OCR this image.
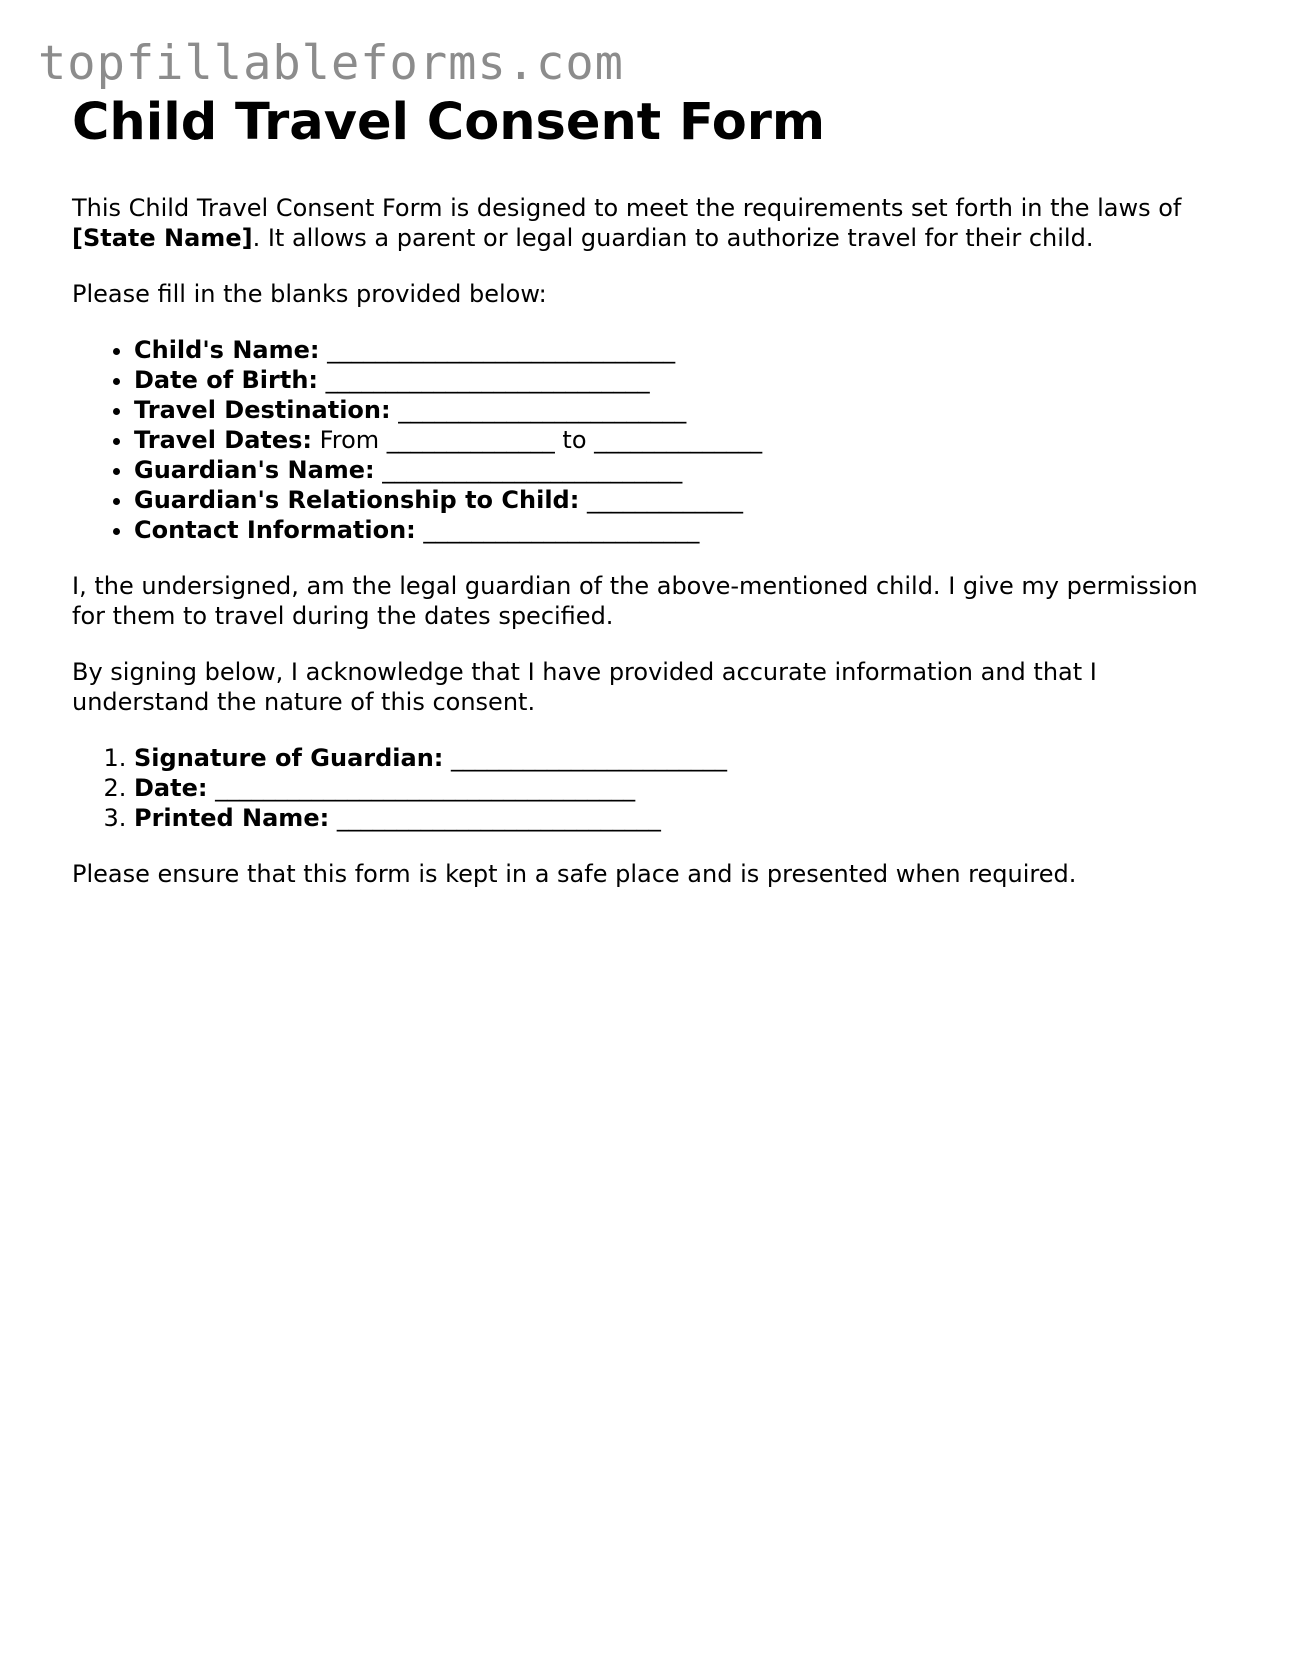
topfillableforms.com
Child Travel Consent Form

This Child Travel Consent Form is designed to meet the requirements set forth in the laws of [State Name]. It allows a parent or legal guardian to authorize travel for their child.

Please fill in the blanks provided below:

• Child's Name: _____________________________
• Date of Birth: ___________________________
• Travel Destination: ________________________
• Travel Dates: From ______________ to ______________
• Guardian's Name: _________________________
• Guardian's Relationship to Child: _____________
• Contact Information: _______________________

I, the undersigned, am the legal guardian of the above-mentioned child. I give my permission for them to travel during the dates specified.

By signing below, I acknowledge that I have provided accurate information and that I understand the nature of this consent.

1. Signature of Guardian: _______________________
2. Date: ___________________________________
3. Printed Name: ___________________________

Please ensure that this form is kept in a safe place and is presented when required.
